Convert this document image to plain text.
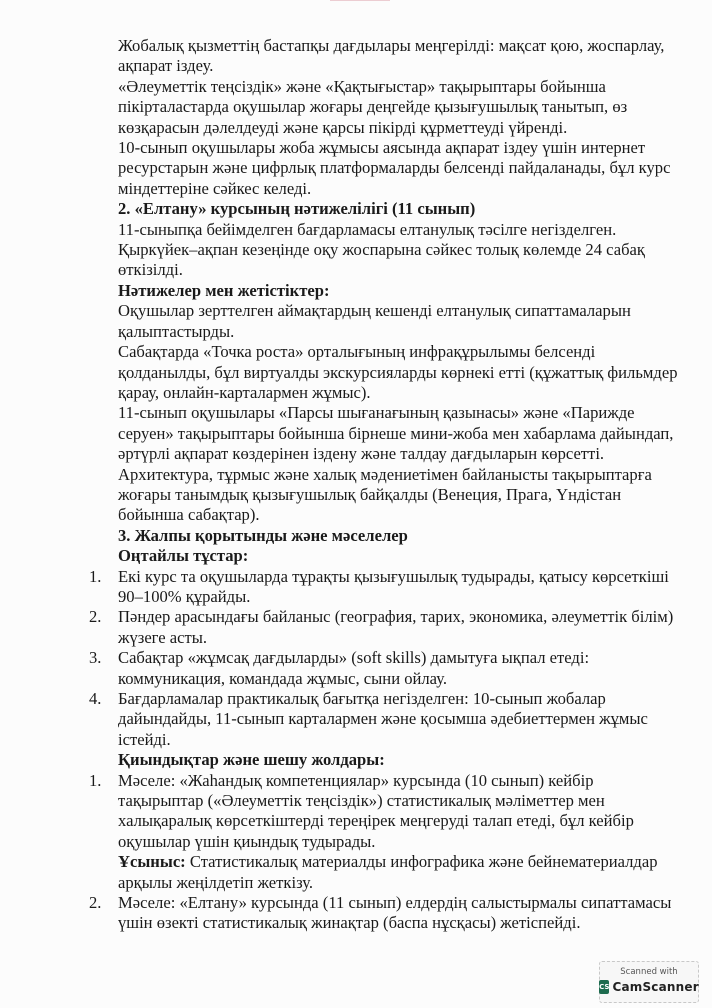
Жобалық қызметтің бастапқы дағдылары меңгерілді: мақсат қою, жоспарлау, ақпарат іздеу.

«Әлеуметтік теңсіздік» және «Қақтығыстар» тақырыптары бойынша пікірталастарда оқушылар жоғары деңгейде қызығушылық танытып, өз көзқарасын дәлелдеуді және қарсы пікірді құрметтеуді үйренді.

10-сынып оқушылары жоба жұмысы аясында ақпарат іздеу үшін интернет ресурстарын және цифрлық платформаларды белсенді пайдаланады, бұл курс міндеттеріне сәйкес келеді.

2. «Елтану» курсының нәтижелілігі (11 сынып)

11-сыныпқа бейімделген бағдарламасы елтанулық тәсілге негізделген. Қыркүйек–ақпан кезеңінде оқу жоспарына сәйкес толық көлемде 24 сабақ өткізілді.

Нәтижелер мен жетістіктер:

Оқушылар зерттелген аймақтардың кешенді елтанулық сипаттамаларын қалыптастырды.

Сабақтарда «Точка роста» орталығының инфрақұрылымы белсенді қолданылды, бұл виртуалды экскурсияларды көрнекі етті (құжаттық фильмдер қарау, онлайн-карталармен жұмыс).

11-сынып оқушылары «Парсы шығанағының қазынасы» және «Парижде серуен» тақырыптары бойынша бірнеше мини-жоба мен хабарлама дайындап, әртүрлі ақпарат көздерінен іздену және талдау дағдыларын көрсетті.

Архитектура, тұрмыс және халық мәдениетімен байланысты тақырыптарға жоғары танымдық қызығушылық байқалды (Венеция, Прага, Үндістан бойынша сабақтар).

3. Жалпы қорытынды және мәселелер

Оңтайлы тұстар:

1. Екі курс та оқушыларда тұрақты қызығушылық тудырады, қатысу көрсеткіші 90–100% құрайды.
2. Пәндер арасындағы байланыс (география, тарих, экономика, әлеуметтік білім) жүзеге асты.
3. Сабақтар «жұмсақ дағдыларды» (soft skills) дамытуға ықпал етеді: коммуникация, командада жұмыс, сыни ойлау.
4. Бағдарламалар практикалық бағытқа негізделген: 10-сынып жобалар дайындайды, 11-сынып карталармен және қосымша әдебиеттермен жұмыс істейді.

Қиындықтар және шешу жолдары:

1. Мәселе: «Жаһандық компетенциялар» курсында (10 сынып) кейбір тақырыптар («Әлеуметтік теңсіздік») статистикалық мәліметтер мен халықаралық көрсеткіштерді тереңірек меңгеруді талап етеді, бұл кейбір оқушылар үшін қиындық тудырады.
Ұсыныс: Статистикалық материалды инфографика және бейнематериалдар арқылы жеңілдетіп жеткізу.
2. Мәселе: «Елтану» курсында (11 сынып) елдердің салыстырмалы сипаттамасы үшін өзекті статистикалық жинақтар (баспа нұсқасы) жетіспейді.
Scanned with
CS CamScanner
